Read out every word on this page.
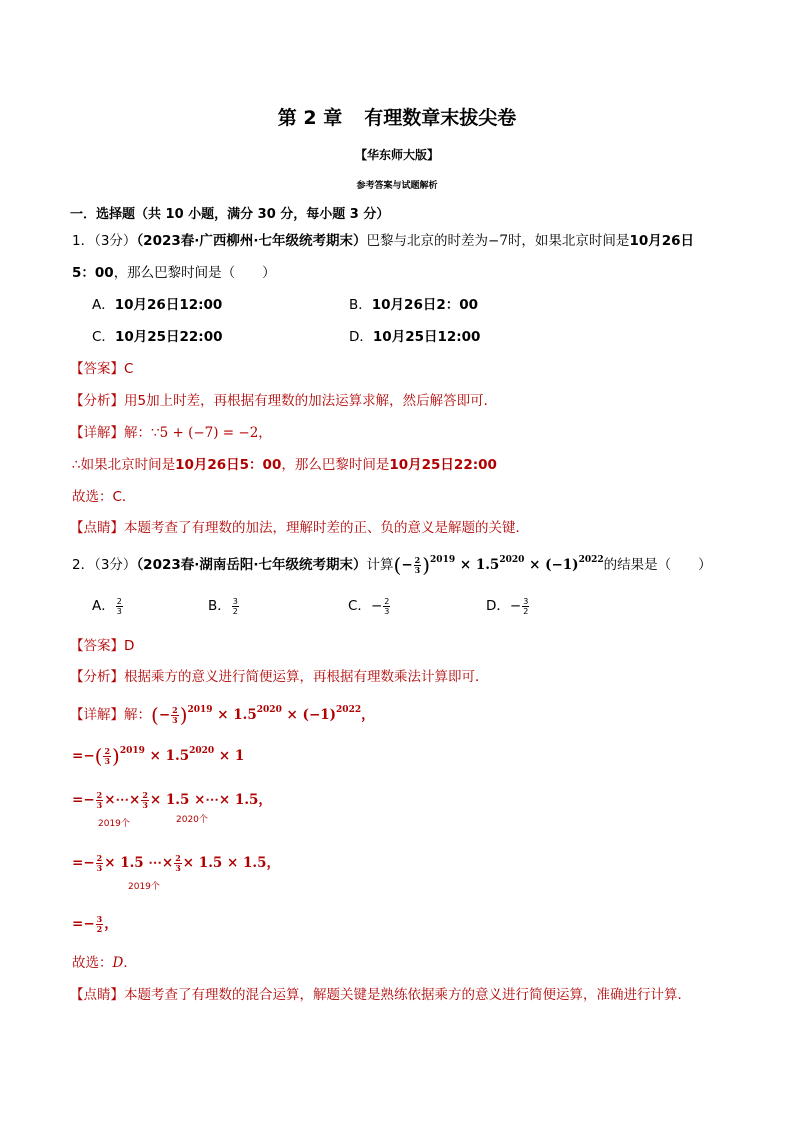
第 2 章 有理数章末拔尖卷
【华东师大版】
参考答案与试题解析
一．选择题（共 10 小题，满分 30 分，每小题 3 分）
1．（3分）（2023春·广西柳州·七年级统考期末）巴黎与北京的时差为−7时，如果北京时间是10月26日
5：00，那么巴黎时间是（　　）
A．10月26日12:00	B．10月26日2：00
C．10月25日22:00	D．10月25日12:00
【答案】C
【分析】用5加上时差，再根据有理数的加法运算求解，然后解答即可．
【详解】解：∵5 + (−7) = −2，
∴如果北京时间是10月26日5：00，那么巴黎时间是10月25日22:00
故选：C．
【点睛】本题考查了有理数的加法，理解时差的正、负的意义是解题的关键．
2．（3分）（2023春·湖南岳阳·七年级统考期末）计算(− $\frac{2}{3} )^{2019} \times 1.5^{2020} \times (-1)^{2022}$的结果是（　　）
A． $\frac{2}{3}$	B． $\frac{3}{2}$	C．− $\frac{2}{3}$	D．− $\frac{3}{2}$
【答案】D
【分析】根据乘方的意义进行简便运算，再根据有理数乘法计算即可．
【详解】解：(− $\frac{2}{3} )^{2019} \times 1.5^{2020} \times (-1)^{2022}$，
=−( $\frac{2}{3} )^{2019} \times 1.5^{2020} \times 1$
=− $\frac{2}{3}$ ×⋯× $\frac{2}{3} \times 1.5$ ×⋯× 1.5，
2019个	2020个
=− $\frac{2}{3} \times 1.5$ ⋯× $\frac{2}{3} \times 1.5 \times 1.5$，
2019个
=− $\frac{3}{2}$ ，
故选：D．
【点睛】本题考查了有理数的混合运算，解题关键是熟练依据乘方的意义进行简便运算，准确进行计算．
